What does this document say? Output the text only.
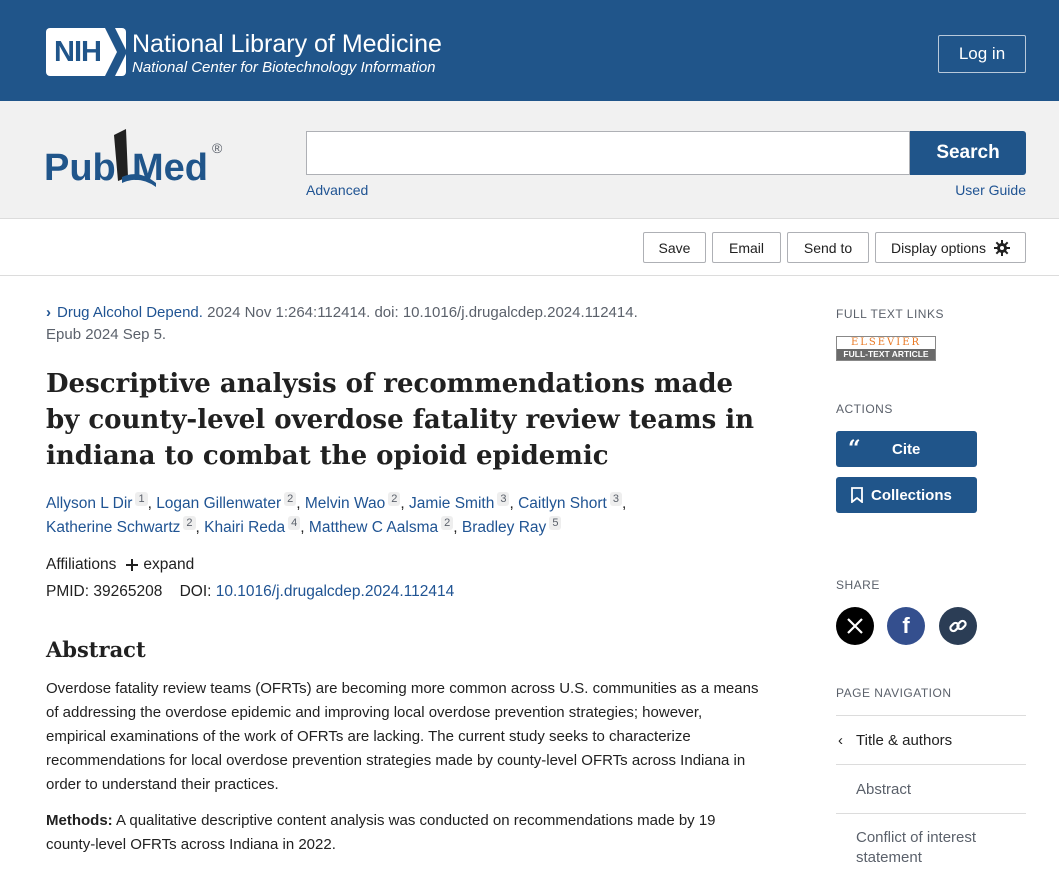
NIH National Library of Medicine
National Center for Biotechnology Information
Log in
Pub Med ®	Search
Advanced	User Guide
Save	Email	Send to	Display options
› Drug Alcohol Depend. 2024 Nov 1:264:112414. doi: 10.1016/j.drugalcdep.2024.112414.
Epub 2024 Sep 5.
Descriptive analysis of recommendations made by county-level overdose fatality review teams in indiana to combat the opioid epidemic
Allyson L Dir $^1$ , Logan Gillenwater $^2$ , Melvin Wao $^2$ , Jamie Smith $^3$ , Caitlyn Short $^3$ ,
Katherine Schwartz $^2$ , Khairi Reda $^4$ , Matthew C Aalsma $^2$ , Bradley Ray $^5$
Affiliations expand
PMID: 39265208 DOI: 10.1016/j.drugalcdep.2024.112414
Abstract

Overdose fatality review teams (OFRTs) are becoming more common across U.S. communities as a means of addressing the overdose epidemic and improving local overdose prevention strategies; however, empirical examinations of the work of OFRTs are lacking. The current study seeks to characterize recommendations for local overdose prevention strategies made by county-level OFRTs across Indiana in order to understand their practices.

Methods: A qualitative descriptive content analysis was conducted on recommendations made by 19 county-level OFRTs across Indiana in 2022.

FULL TEXT LINKS
ELSEVIER
FULL-TEXT ARTICLE
ACTIONS
“	Cite
Collections
SHARE
f
PAGE NAVIGATION
‹ Title & authors
Abstract
Conflict of interest statement
